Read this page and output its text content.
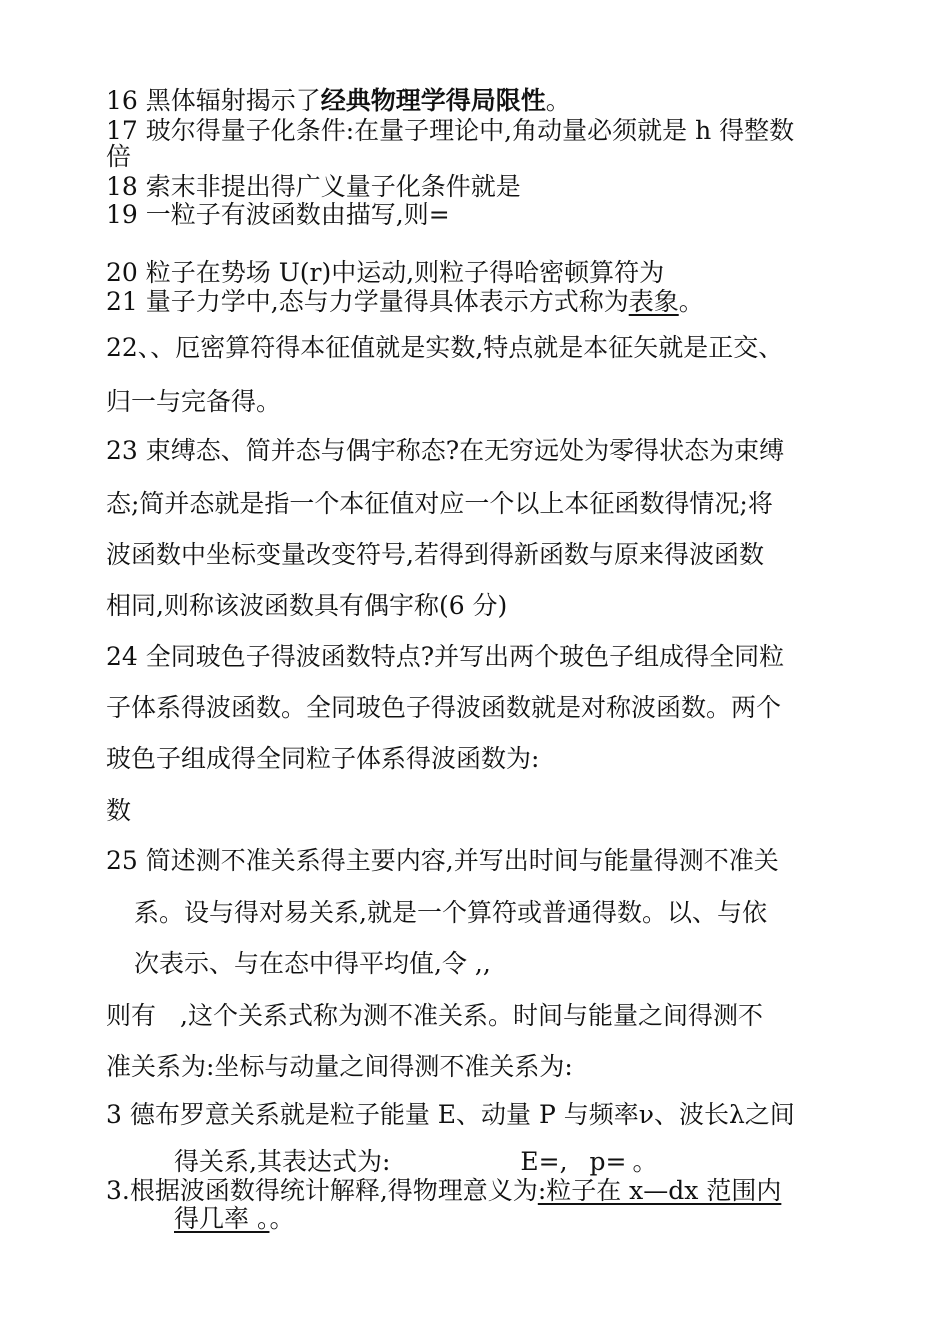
16 黑体辐射揭示了经典物理学得局限性。
17 玻尔得量子化条件:在量子理论中,角动量必须就是 h 得整数
倍
18 索末非提出得广义量子化条件就是
19 一粒子有波函数由描写,则=
20 粒子在势场 U(r)中运动,则粒子得哈密顿算符为
21 量子力学中,态与力学量得具体表示方式称为表象。
22、、厄密算符得本征值就是实数,特点就是本征矢就是正交、
归一与完备得。
23 束缚态、简并态与偶宇称态?在无穷远处为零得状态为束缚
态;简并态就是指一个本征值对应一个以上本征函数得情况;将
波函数中坐标变量改变符号,若得到得新函数与原来得波函数
相同,则称该波函数具有偶宇称(6 分)
24 全同玻色子得波函数特点?并写出两个玻色子组成得全同粒
子体系得波函数。全同玻色子得波函数就是对称波函数。两个
玻色子组成得全同粒子体系得波函数为:
数
25 简述测不准关系得主要内容,并写出时间与能量得测不准关
系。设与得对易关系,就是一个算符或普通得数。以、与依
次表示、与在态中得平均值,令 ,,
则有 ,这个关系式称为测不准关系。时间与能量之间得测不
准关系为:坐标与动量之间得测不准关系为:
3 德布罗意关系就是粒子能量 E、动量 P 与频率ν、波长λ之间
得关系,其表达式为:	E=, p= 。
3.根据波函数得统计解释,得物理意义为:粒子在 x—dx 范围内
得几率 。。
